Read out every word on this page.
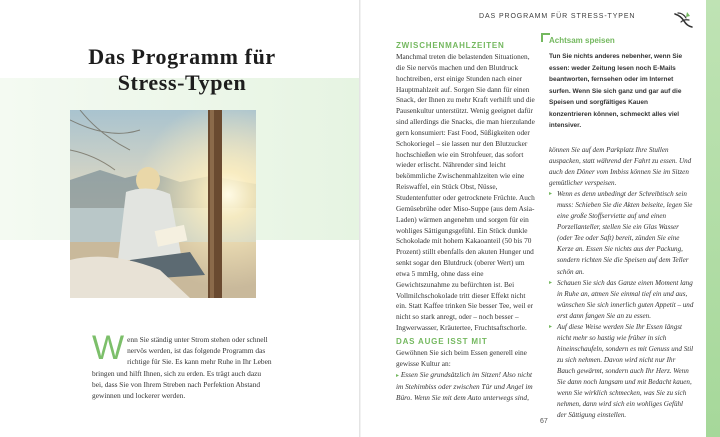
Das Programm für Stress-Typen

Wenn Sie ständig unter Strom stehen oder schnell nervös werden, ist das folgende Programm das richtige für Sie. Es kann mehr Ruhe in Ihr Leben bringen und hilft Ihnen, sich zu erden. Es trägt auch dazu bei, dass Sie von Ihrem Streben nach Perfektion Abstand gewinnen und lockerer werden.

DAS PROGRAMM FÜR STRESS-TYPEN
ZWISCHENMAHLZEITEN

Manchmal treten die belastenden Situationen, die Sie nervös machen und den Blutdruck hochtreiben, erst einige Stunden nach einer Hauptmahlzeit auf. Sorgen Sie dann für einen Snack, der Ihnen zu mehr Kraft verhilft und die Pausenkultur unterstützt. Wenig geeignet dafür sind allerdings die Snacks, die man hierzulande gern konsumiert: Fast Food, Süßigkeiten oder Schokoriegel – sie lassen nur den Blutzucker hochschießen wie ein Strohfeuer, das sofort wieder erlischt. Nährender sind leicht bekömmliche Zwischenmahlzeiten wie eine Reiswaffel, ein Stück Obst, Nüsse, Studentenfutter oder getrocknete Früchte. Auch Gemüsebrühe oder Miso-Suppe (aus dem Asia-Laden) wärmen angenehm und sorgen für ein wohliges Sättigungsgefühl. Ein Stück dunkle Schokolade mit hohem Kakaoanteil (50 bis 70 Prozent) stillt ebenfalls den akuten Hunger und senkt sogar den Blutdruck (oberer Wert) um etwa 5 mmHg, ohne dass eine Gewichtszunahme zu befürchten ist. Bei Vollmilchschokolade tritt dieser Effekt nicht ein. Statt Kaffee trinken Sie besser Tee, weil er nicht so stark anregt, oder – noch besser – Ingwerwasser, Kräutertee, Fruchtsaftschorle.

DAS AUGE ISST MIT

Gewöhnen Sie sich beim Essen generell eine gewisse Kultur an:

▸ Essen Sie grundsätzlich im Sitzen! Also nicht im Stehimbiss oder zwischen Tür und Angel im Büro. Wenn Sie mit dem Auto unterwegs sind,

Achtsam speisen

Tun Sie nichts anderes nebenher, wenn Sie essen: weder Zeitung lesen noch E-Mails beantworten, fernsehen oder im Internet surfen. Wenn Sie sich ganz und gar auf die Speisen und sorgfältiges Kauen konzentrieren können, schmeckt alles viel intensiver.

können Sie auf dem Parkplatz Ihre Stullen auspacken, statt während der Fahrt zu essen. Und auch den Döner vom Imbiss können Sie im Sitzen gemütlicher verspeisen.
▸ Wenn es denn unbedingt der Schreibtisch sein muss: Schieben Sie die Akten beiseite, legen Sie eine große Stoffserviette auf und einen Porzellanteller, stellen Sie ein Glas Wasser (oder Tee oder Saft) bereit, zünden Sie eine Kerze an. Essen Sie nichts aus der Packung, sondern richten Sie die Speisen auf dem Teller schön an.
▸ Schauen Sie sich das Ganze einen Moment lang in Ruhe an, atmen Sie einmal tief ein und aus, wünschen Sie sich innerlich guten Appetit – und erst dann fangen Sie an zu essen.
▸ Auf diese Weise werden Sie Ihr Essen längst nicht mehr so hastig wie früher in sich hineinschaufeln, sondern es mit Genuss und Stil zu sich nehmen. Davon wird nicht nur Ihr Bauch gewärmt, sondern auch Ihr Herz. Wenn Sie dann noch langsam und mit Bedacht kauen, wenn Sie wirklich schmecken, was Sie zu sich nehmen, dann wird sich ein wohliges Gefühl der Sättigung einstellen.
67
